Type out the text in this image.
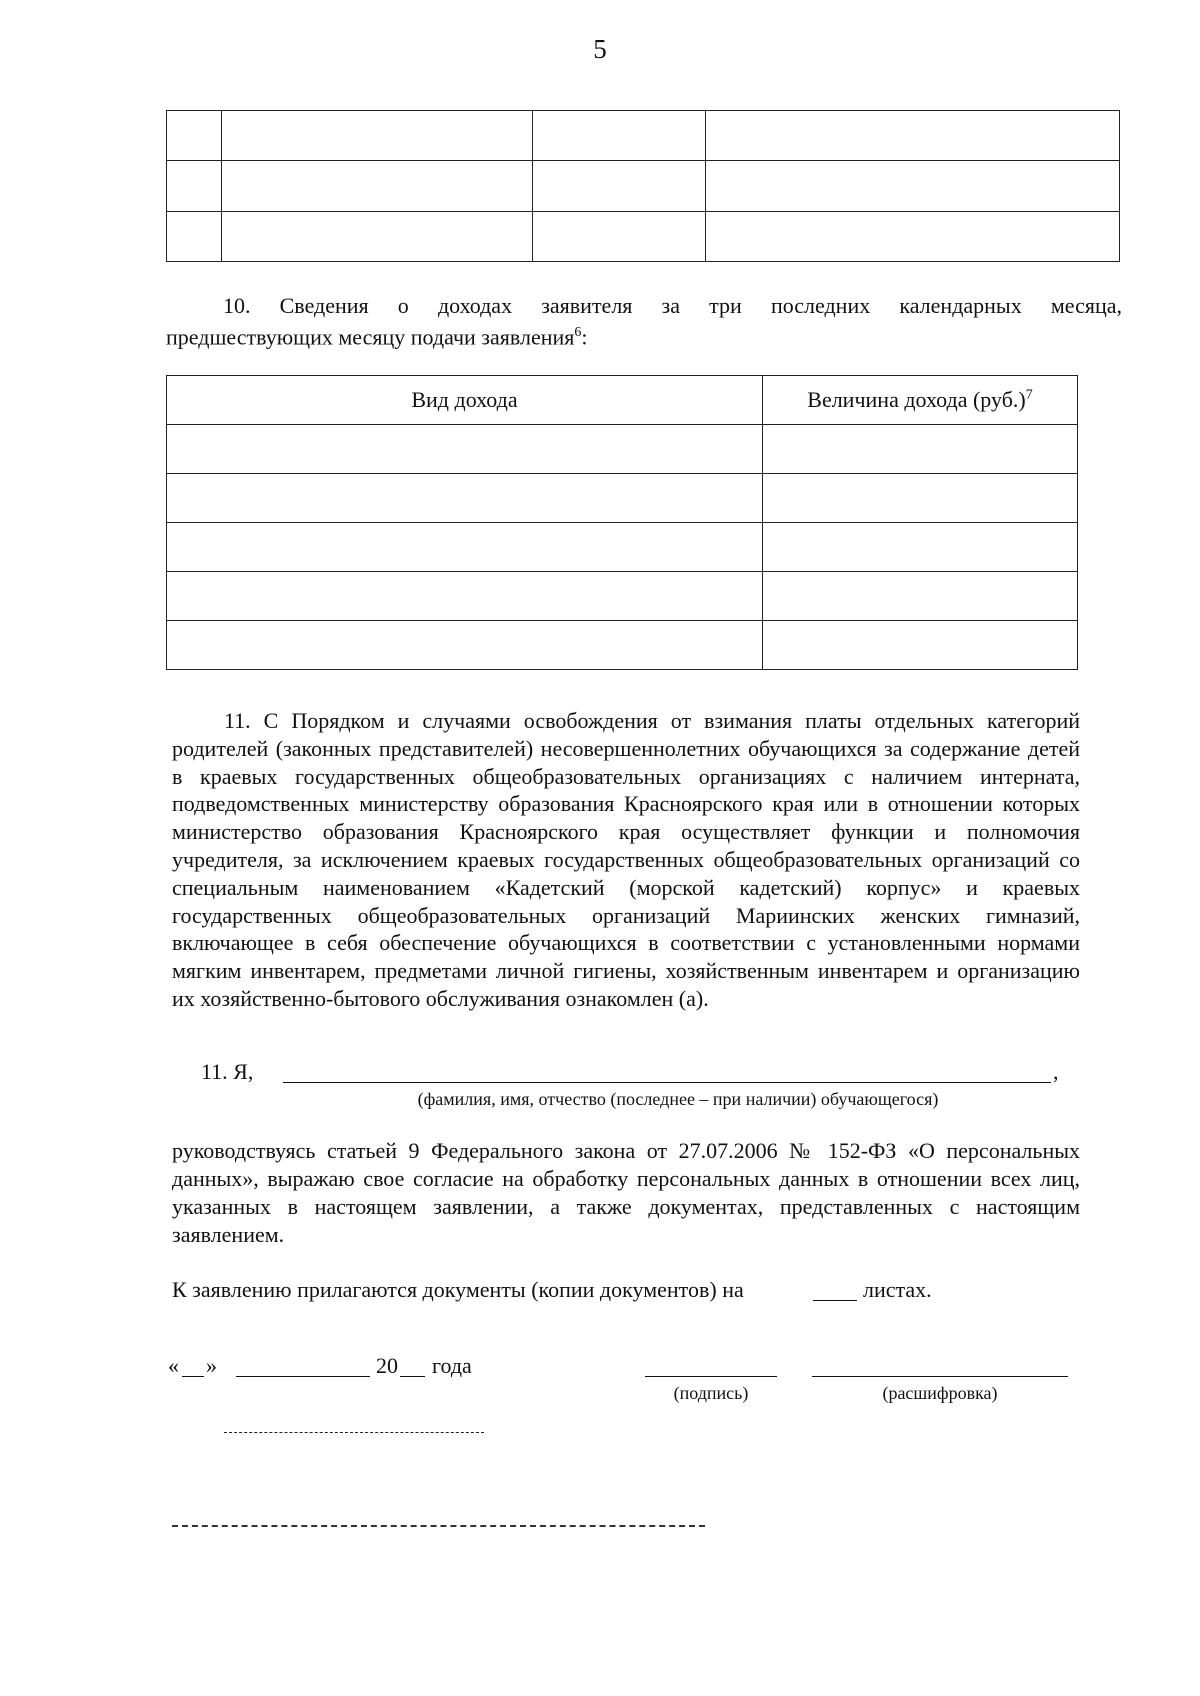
5

10. Сведения о доходах заявителя за три последних календарных месяца,
предшествующих месяцу подачи заявления$^6$:
Вид дохода	Величина дохода $(руб.)^7$

11. С Порядком и случаями освобождения от взимания платы отдельных категорий родителей (законных представителей) несовершеннолетних обучающихся за содержание детей в краевых государственных общеобразовательных организациях с наличием интерната, подведомственных министерству образования Красноярского края или в отношении которых министерство образования Красноярского края осуществляет функции и полномочия учредителя, за исключением краевых государственных общеобразовательных организаций со специальным наименованием «Кадетский (морской кадетский) корпус» и краевых государственных общеобразовательных организаций Мариинских женских гимназий, включающее в себя обеспечение обучающихся в соответствии с установленными нормами мягким инвентарем, предметами личной гигиены, хозяйственным инвентарем и организацию их хозяйственно-бытового обслуживания ознакомлен (а).
11. Я,	,
(фамилия, имя, отчество (последнее – при наличии) обучающегося)
руководствуясь статьей 9 Федерального закона от 27.07.2006 № 152-ФЗ «О персональных данных», выражаю свое согласие на обработку персональных данных в отношении всех лиц, указанных в настоящем заявлении, а также документах, представленных с настоящим заявлением.
К заявлению прилагаются документы (копии документов) на	листах.
« »	20 года
(подпись)	(расшифровка)
